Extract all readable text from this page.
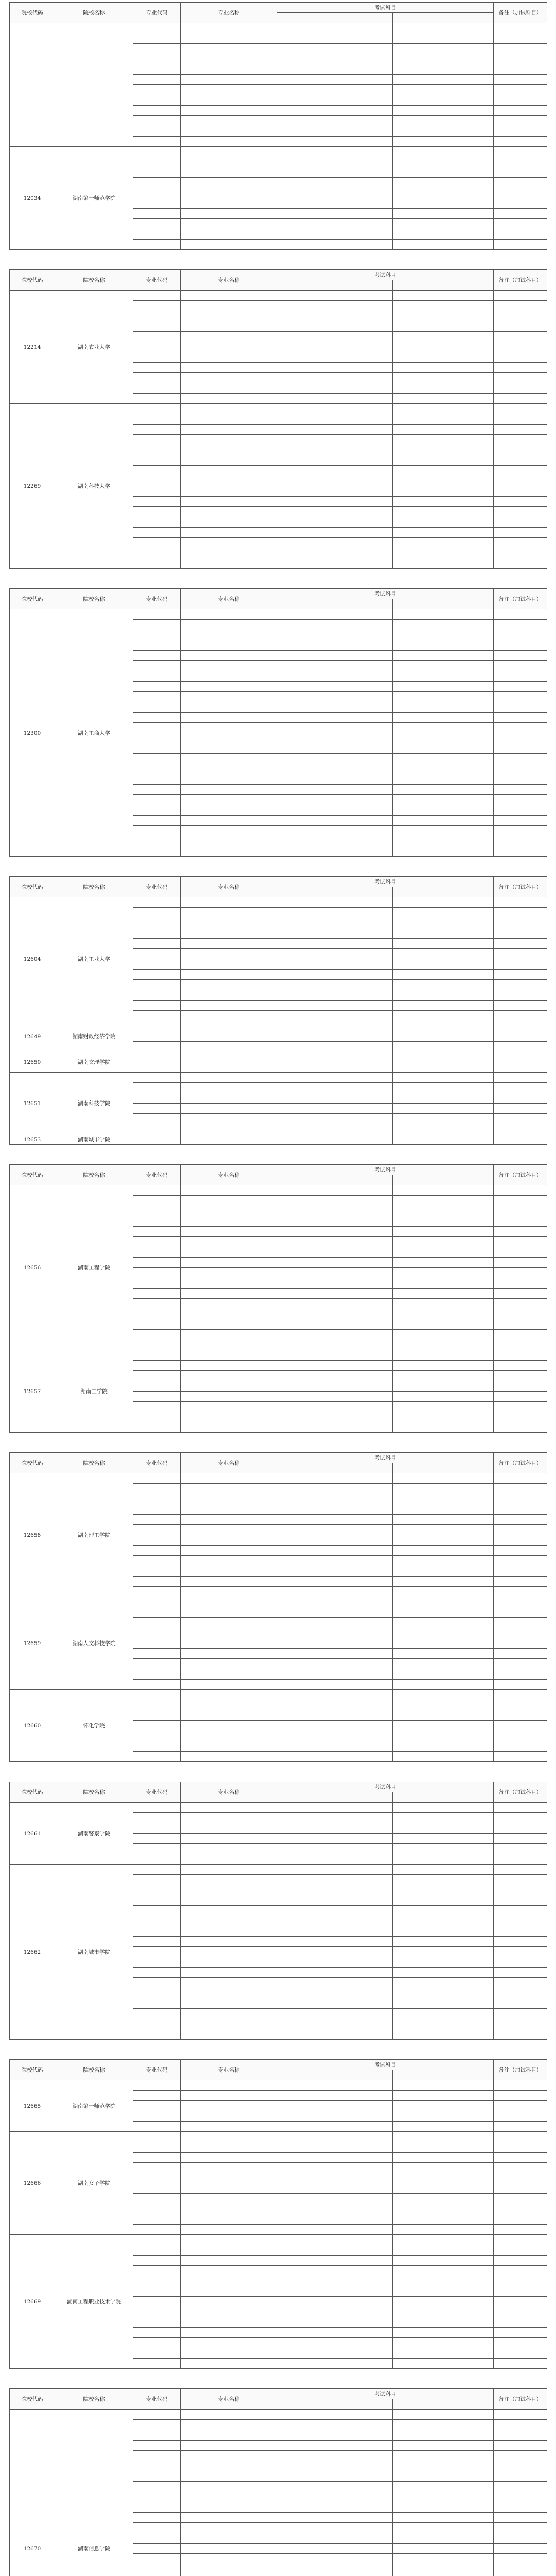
院校代码	院校名称	专业代码	专业名称	考试科目			备注（加试科目）

12034	湖南第一师范学院						

院校代码	院校名称	专业代码	专业名称	考试科目			备注（加试科目）

12214	湖南农业大学						

12269	湖南科技大学						

院校代码	院校名称	专业代码	专业名称	考试科目			备注（加试科目）

12300	湖南工商大学						

院校代码	院校名称	专业代码	专业名称	考试科目			备注（加试科目）

12604	湖南工业大学						

12649	湖南财政经济学院						

12650	湖南文理学院						

12651	湖南科技学院						

12653	湖南城市学院						
院校代码	院校名称	专业代码	专业名称	考试科目			备注（加试科目）

12656	湖南工程学院						

12657	湖南工学院						

院校代码	院校名称	专业代码	专业名称	考试科目			备注（加试科目）

12658	湖南理工学院						

12659	湖南人文科技学院						

12660	怀化学院						

院校代码	院校名称	专业代码	专业名称	考试科目			备注（加试科目）

12661	湖南警察学院						

12662	湖南城市学院						

院校代码	院校名称	专业代码	专业名称	考试科目			备注（加试科目）

12665	湖南第一师范学院						

12666	湖南女子学院						

12669	湖南工程职业技术学院						

院校代码	院校名称	专业代码	专业名称	考试科目			备注（加试科目）

12670	湖南信息学院						
